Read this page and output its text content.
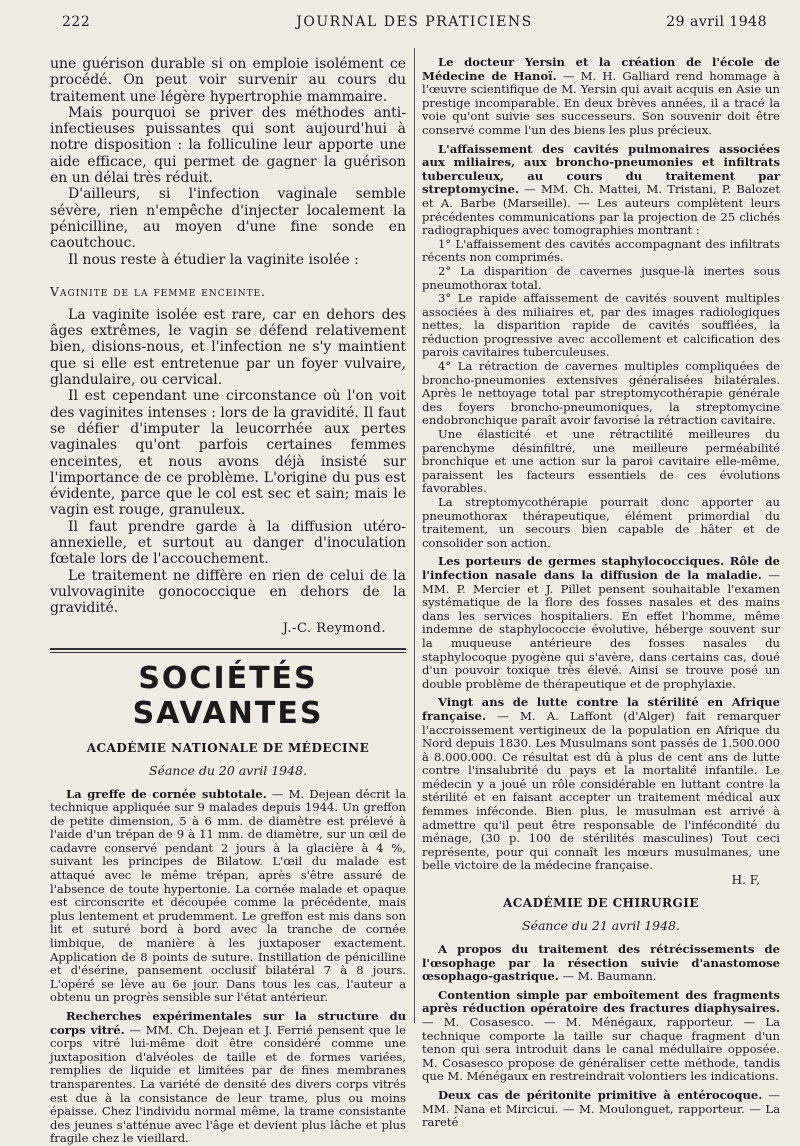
222	JOURNAL DES PRATICIENS	29 avril 1948

une guérison durable si on emploie isolément ce procédé. On peut voir survenir au cours du traitement une légère hypertrophie mammaire.

Mais pourquoi se priver des méthodes anti-infectieuses puissantes qui sont aujourd'hui à notre disposition : la folliculine leur apporte une aide efficace, qui permet de gagner la guérison en un délai très réduit.

D'ailleurs, si l'infection vaginale semble sévère, rien n'empêche d'injecter localement la pénicilline, au moyen d'une fine sonde en caoutchouc.

Il nous reste à étudier la vaginite isolée :

Vaginite de la femme enceinte.

La vaginite isolée est rare, car en dehors des âges extrêmes, le vagin se défend relativement bien, disions-nous, et l'infection ne s'y maintient que si elle est entretenue par un foyer vulvaire, glandulaire, ou cervical.

Il est cependant une circonstance où l'on voit des vaginites intenses : lors de la gravidité. Il faut se défier d'imputer la leucorrhée aux pertes vaginales qu'ont parfois certaines femmes enceintes, et nous avons déjà insisté sur l'importance de ce problème. L'origine du pus est évidente, parce que le col est sec et sain; mais le vagin est rouge, granuleux.

Il faut prendre garde à la diffusion utéro-annexielle, et surtout au danger d'inoculation fœtale lors de l'accouchement.

Le traitement ne diffère en rien de celui de la vulvovaginite gonococcique en dehors de la gravidité.

J.-C. Reymond.
SOCIÉTÉS SAVANTES
ACADÉMIE NATIONALE DE MÉDECINE
Séance du 20 avril 1948.

La greffe de cornée subtotale. — M. Dejean décrit la technique appliquée sur 9 malades depuis 1944. Un greffon de petite dimension, 5 à 6 mm. de diamètre est prélevé à l'aide d'un trépan de 9 à 11 mm. de diamètre, sur un œil de cadavre conservé pendant 2 jours à la glacière à 4 %, suivant les principes de Bilatow. L'œil du malade est attaqué avec le même trépan, après s'être assuré de l'absence de toute hypertonie. La cornée malade et opaque est circonscrite et découpée comme la précédente, mais plus lentement et prudemment. Le greffon est mis dans son lit et suturé bord à bord avec la tranche de cornée limbique, de manière à les juxtaposer exactement. Application de 8 points de suture. Instillation de pénicilline et d'ésérine, pansement occlusif bilatéral 7 à 8 jours. L'opéré se lève au 6e jour. Dans tous les cas, l'auteur a obtenu un progrès sensible sur l'état antérieur.

Recherches expérimentales sur la structure du corps vitré. — MM. Ch. Dejean et J. Ferrié pensent que le corps vitré lui-même doit être considéré comme une juxtaposition d'alvéoles de taille et de formes variées, remplies de liquide et limitées par de fines membranes transparentes. La variété de densité des divers corps vitrés est due à la consistance de leur trame, plus ou moins épaisse. Chez l'individu normal même, la trame consistante des jeunes s'atténue avec l'âge et devient plus lâche et plus fragile chez le vieillard.

Le docteur Yersin et la création de l'école de Médecine de Hanoï. — M. H. Galliard rend hommage à l'œuvre scientifique de M. Yersin qui avait acquis en Asie un prestige incomparable. En deux brèves années, il a tracé la voie qu'ont suivie ses successeurs. Son souvenir doit être conservé comme l'un des biens les plus précieux.

L'affaissement des cavités pulmonaires associées aux miliaires, aux broncho-pneumonies et infiltrats tuberculeux, au cours du traitement par streptomycine. — MM. Ch. Mattei, M. Tristani, P. Balozet et A. Barbe (Marseille). — Les auteurs complètent leurs précédentes communications par la projection de 25 clichés radiographiques avec tomographies montrant :

1° L'affaissement des cavités accompagnant des infiltrats récents non comprimés.

2° La disparition de cavernes jusque-là inertes sous pneumothorax total.

3° Le rapide affaissement de cavités souvent multiples associées à des miliaires et, par des images radiologiques nettes, la disparition rapide de cavités soufflées, la réduction progressive avec accollement et calcification des parois cavitaires tuberculeuses.

4° La rétraction de cavernes multiples compliquées de broncho-pneumonies extensives généralisées bilatérales. Après le nettoyage total par streptomycothérapie générale des foyers broncho-pneumoniques, la streptomycine endobronchique paraît avoir favorisé la rétraction cavitaire.

Une élasticité et une rétractilité meilleures du parenchyme désinfiltré, une meilleure perméabilité bronchique et une action sur la paroi cavitaire elle-même, paraissent les facteurs essentiels de ces évolutions favorables.

La streptomycothérapie pourrait donc apporter au pneumothorax thérapeutique, élément primordial du traitement, un secours bien capable de hâter et de consolider son action.

Les porteurs de germes staphylococciques. Rôle de l'infection nasale dans la diffusion de la maladie. — MM. P. Mercier et J. Pillet pensent souhaitable l'examen systématique de la flore des fosses nasales et des mains dans les services hospitaliers. En effet l'homme, même indemne de staphylococcie évolutive, héberge souvent sur la muqueuse antérieure des fosses nasales du staphylocoque pyogène qui s'avère, dans certains cas, doué d'un pouvoir toxique très élevé. Ainsi se trouve posé un double problème de thérapeutique et de prophylaxie.

Vingt ans de lutte contre la stérilité en Afrique française. — M. A. Laffont (d'Alger) fait remarquer l'accroissement vertigineux de la population en Afrique du Nord depuis 1830. Les Musulmans sont passés de 1.500.000 à 8.000.000. Ce résultat est dû à plus de cent ans de lutte contre l'insalubrité du pays et la mortalité infantile. Le médecin y a joué un rôle considérable en luttant contre la stérilité et en faisant accepter un traitement médical aux femmes inféconde. Bien plus, le musulman est arrivé à admettre qu'il peut être responsable de l'infécondité du ménage, (30 p. 100 de stérilités masculines) Tout ceci représente, pour qui connaît les mœurs musulmanes, une belle victoire de la médecine française.

H. F,
ACADÉMIE DE CHIRURGIE
Séance du 21 avril 1948.

A propos du traitement des rétrécissements de l'œsophage par la résection suivie d'anastomose œsophago-gastrique. — M. Baumann.

Contention simple par emboîtement des fragments après réduction opératoire des fractures diaphysaires. — M. Cosasesco. — M. Ménégaux, rapporteur. — La technique comporte la taille sur chaque fragment d'un tenon qui sera introduit dans le canal médullaire opposée. M. Cosasesco propose de généraliser cette méthode, tandis que M. Ménégaux en restreindrait volontiers les indications.

Deux cas de péritonite primitive à entérocoque. — MM. Nana et Mircicui. — M. Moulonguet, rapporteur. — La rareté
